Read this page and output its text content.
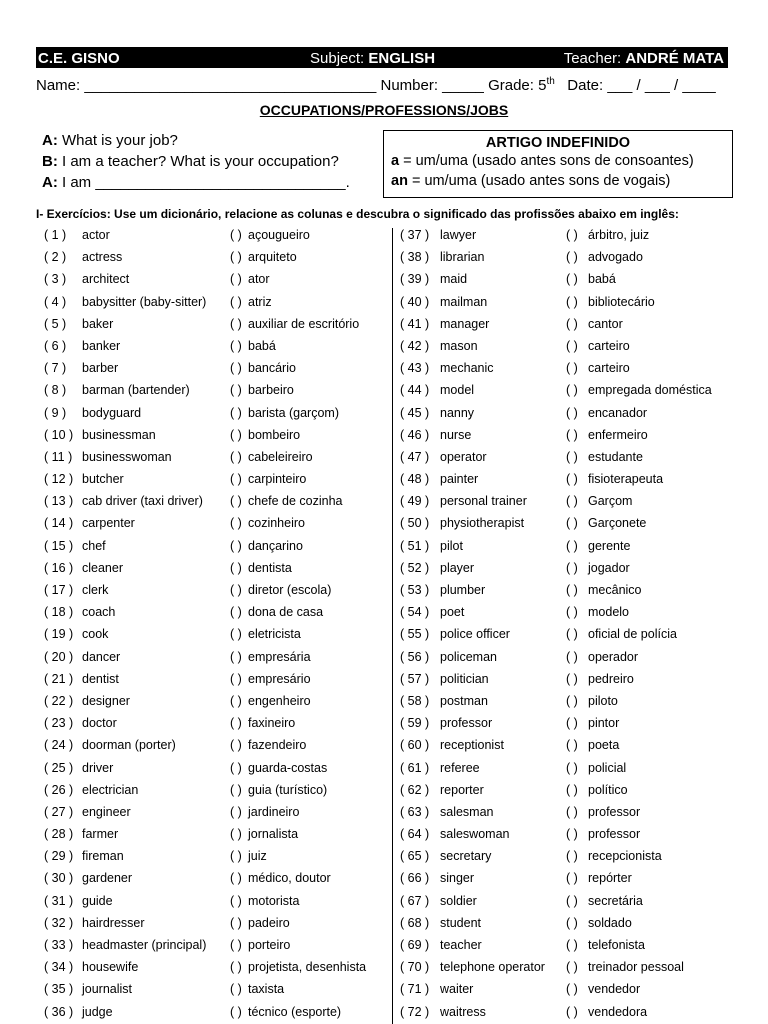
C.E. GISNO	Subject: ENGLISH	Teacher: ANDRÉ MATA
Name: ___________________________________ Number: _____ Grade: 5th   Date: ___ / ___ / ____
OCCUPATIONS/PROFESSIONS/JOBS
A: What is your job?
B: I am a teacher? What is your occupation?
A: I am ______________________________.
ARTIGO INDEFINIDO
a = um/uma (usado antes sons de consoantes)
an = um/uma (usado antes sons de vogais)
I- Exercícios: Use um dicionário, relacione as colunas e descubra o significado das profissões abaixo em inglês:
( 1 ) actor	( ) açougueiro
( 2 ) actress	( ) arquiteto
( 3 ) architect	( ) ator
( 4 ) babysitter (baby-sitter) ( ) atriz
( 5 ) baker	( ) auxiliar de escritório
( 6 ) banker	( ) babá
( 7 ) barber	( ) bancário
( 8 ) barman (bartender)	( ) barbeiro
( 9 ) bodyguard	( ) barista (garçom)
( 10 ) businessman	( ) bombeiro
( 11 ) businesswoman	( ) cabeleireiro
( 12 ) butcher	( ) carpinteiro
( 13 ) cab driver (taxi driver) ( ) chefe de cozinha
( 14 ) carpenter	( ) cozinheiro
( 15 ) chef	( ) dançarino
( 16 ) cleaner	( ) dentista
( 17 ) clerk	( ) diretor (escola)
( 18 ) coach	( ) dona de casa
( 19 ) cook	( ) eletricista
( 20 ) dancer	( ) empresária
( 21 ) dentist	( ) empresário
( 22 ) designer	( ) engenheiro
( 23 ) doctor	( ) faxineiro
( 24 ) doorman (porter)	( ) fazendeiro
( 25 ) driver	( ) guarda-costas
( 26 ) electrician	( ) guia (turístico)
( 27 ) engineer	( ) jardineiro
( 28 ) farmer	( ) jornalista
( 29 ) fireman	( ) juiz
( 30 ) gardener	( ) médico, doutor
( 31 ) guide	( ) motorista
( 32 ) hairdresser	( ) padeiro
( 33 ) headmaster (principal) ( ) porteiro
( 34 ) housewife	( ) projetista, desenhista
( 35 ) journalist	( ) taxista
( 36 ) judge	( ) técnico (esporte)
( 37 ) lawyer	( ) árbitro, juiz
( 38 ) librarian	( ) advogado
( 39 ) maid	( ) babá
( 40 ) mailman	( ) bibliotecário
( 41 ) manager	( ) cantor
( 42 ) mason	( ) carteiro
( 43 ) mechanic	( ) carteiro
( 44 ) model	( ) empregada doméstica
( 45 ) nanny	( ) encanador
( 46 ) nurse	( ) enfermeiro
( 47 ) operator	( ) estudante
( 48 ) painter	( ) fisioterapeuta
( 49 ) personal trainer	( ) Garçom
( 50 ) physiotherapist	( ) Garçonete
( 51 ) pilot	( ) gerente
( 52 ) player	( ) jogador
( 53 ) plumber	( ) mecânico
( 54 ) poet	( ) modelo
( 55 ) police officer	( ) oficial de polícia
( 56 ) policeman	( ) operador
( 57 ) politician	( ) pedreiro
( 58 ) postman	( ) piloto
( 59 ) professor	( ) pintor
( 60 ) receptionist	( ) poeta
( 61 ) referee	( ) policial
( 62 ) reporter	( ) político
( 63 ) salesman	( ) professor
( 64 ) saleswoman	( ) professor
( 65 ) secretary	( ) recepcionista
( 66 ) singer	( ) repórter
( 67 ) soldier	( ) secretária
( 68 ) student	( ) soldado
( 69 ) teacher	( ) telefonista
( 70 ) telephone operator ( ) treinador pessoal
( 71 ) waiter	( ) vendedor
( 72 ) waitress	( ) vendedora
